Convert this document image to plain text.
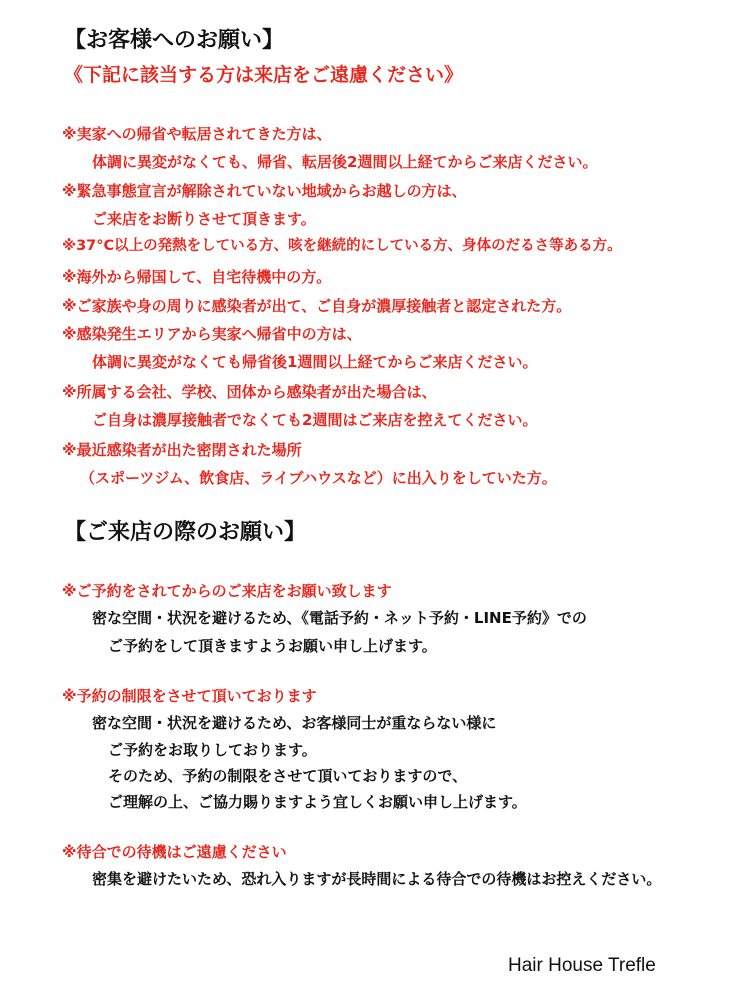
【お客様へのお願い】
《下記に該当する方は来店をご遠慮ください》
※実家への帰省や転居されてきた方は、
体調に異変がなくても、帰省、転居後2週間以上経てからご来店ください。
※緊急事態宣言が解除されていない地域からお越しの方は、
ご来店をお断りさせて頂きます。
※37°C以上の発熱をしている方、咳を継続的にしている方、身体のだるさ等ある方。
※海外から帰国して、自宅待機中の方。
※ご家族や身の周りに感染者が出て、ご自身が濃厚接触者と認定された方。
※感染発生エリアから実家へ帰省中の方は、
体調に異変がなくても帰省後1週間以上経てからご来店ください。
※所属する会社、学校、団体から感染者が出た場合は、
ご自身は濃厚接触者でなくても2週間はご来店を控えてください。
※最近感染者が出た密閉された場所
（スポーツジム、飲食店、ライブハウスなど）に出入りをしていた方。
【ご来店の際のお願い】
※ご予約をされてからのご来店をお願い致します
密な空間・状況を避けるため、《電話予約・ネット予約・LINE予約》での
ご予約をして頂きますようお願い申し上げます。
※予約の制限をさせて頂いております
密な空間・状況を避けるため、お客様同士が重ならない様に
ご予約をお取りしております。
そのため、予約の制限をさせて頂いておりますので、
ご理解の上、ご協力賜りますよう宜しくお願い申し上げます。
※待合での待機はご遠慮ください
密集を避けたいため、恐れ入りますが長時間による待合での待機はお控えください。
Hair House Trefle
